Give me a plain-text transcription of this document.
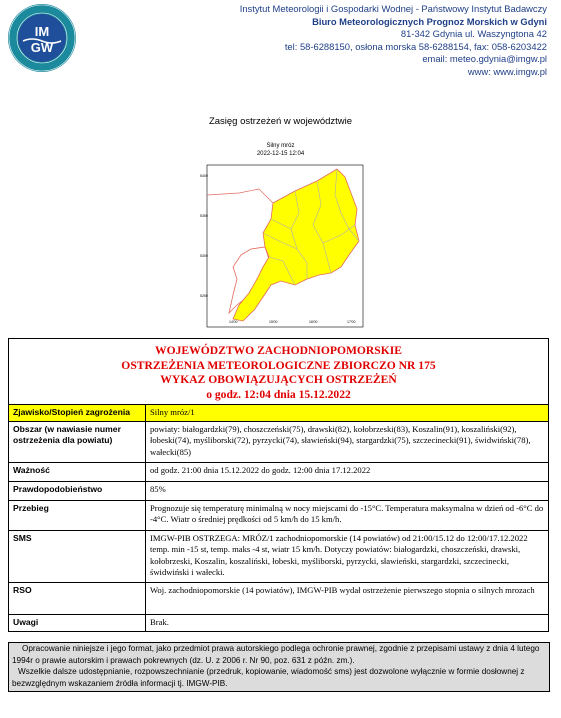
IM
GW
Instytut Meteorologii i Gospodarki Wodnej - Państwowy Instytut Badawczy
Biuro Meteorologicznych Prognoz Morskich w Gdyni
81-342 Gdynia ul. Waszyngtona 42
tel: 58-6288150, osłona morska 58-6288154, fax: 058-6203422
email: meteo.gdynia@imgw.pl
www: www.imgw.pl
Zasięg ostrzeżeń w województwie
Silny mróz
2022-12-15 12:04
5400
5350
5300
5250
14'00	15'00	16'00	17'00
WOJEWÓDZTWO ZACHODNIOPOMORSKIE
OSTRZEŻENIA METEOROLOGICZNE ZBIORCZO NR 175
WYKAZ OBOWIĄZUJĄCYCH OSTRZEŻEŃ
o godz. 12:04 dnia 15.12.2022
Zjawisko/Stopień zagrożenia	Silny mróz/1
Obszar (w nawiasie numer ostrzeżenia dla powiatu)	powiaty: białogardzki(79), choszczeński(75), drawski(82), kołobrzeski(83), Koszalin(91), koszaliński(92), łobeski(74), myśliborski(72), pyrzycki(74), sławieński(94), stargardzki(75), szczecinecki(91), świdwiński(78), wałecki(85)
Ważność	od godz. 21:00 dnia 15.12.2022 do godz. 12:00 dnia 17.12.2022
Prawdopodobieństwo	85%
Przebieg	Prognozuje się temperaturę minimalną w nocy miejscami do -15°C. Temperatura maksymalna w dzień od -6°C do -4°C. Wiatr o średniej prędkości od 5 km/h do 15 km/h.
SMS	IMGW-PIB OSTRZEGA: MRÓZ/1 zachodniopomorskie (14 powiatów) od 21:00/15.12 do 12:00/17.12.2022 temp. min -15 st, temp. maks -4 st, wiatr 15 km/h. Dotyczy powiatów: białogardzki, choszczeński, drawski, kołobrzeski, Koszalin, koszaliński, łobeski, myśliborski, pyrzycki, sławieński, stargardzki, szczecinecki, świdwiński i wałecki.
RSO	Woj. zachodniopomorskie (14 powiatów), IMGW-PIB wydał ostrzeżenie pierwszego stopnia o silnych mrozach
Uwagi	Brak.
Opracowanie niniejsze i jego format, jako przedmiot prawa autorskiego podlega ochronie prawnej, zgodnie z przepisami ustawy z dnia 4 lutego 1994r o prawie autorskim i prawach pokrewnych (dz. U. z 2006 r. Nr 90, poz. 631 z późn. zm.).
Wszelkie dalsze udostępnianie, rozpowszechnianie (przedruk, kopiowanie, wiadomość sms) jest dozwolone wyłącznie w formie dosłownej z bezwzględnym wskazaniem źródła informacji tj. IMGW-PIB.
